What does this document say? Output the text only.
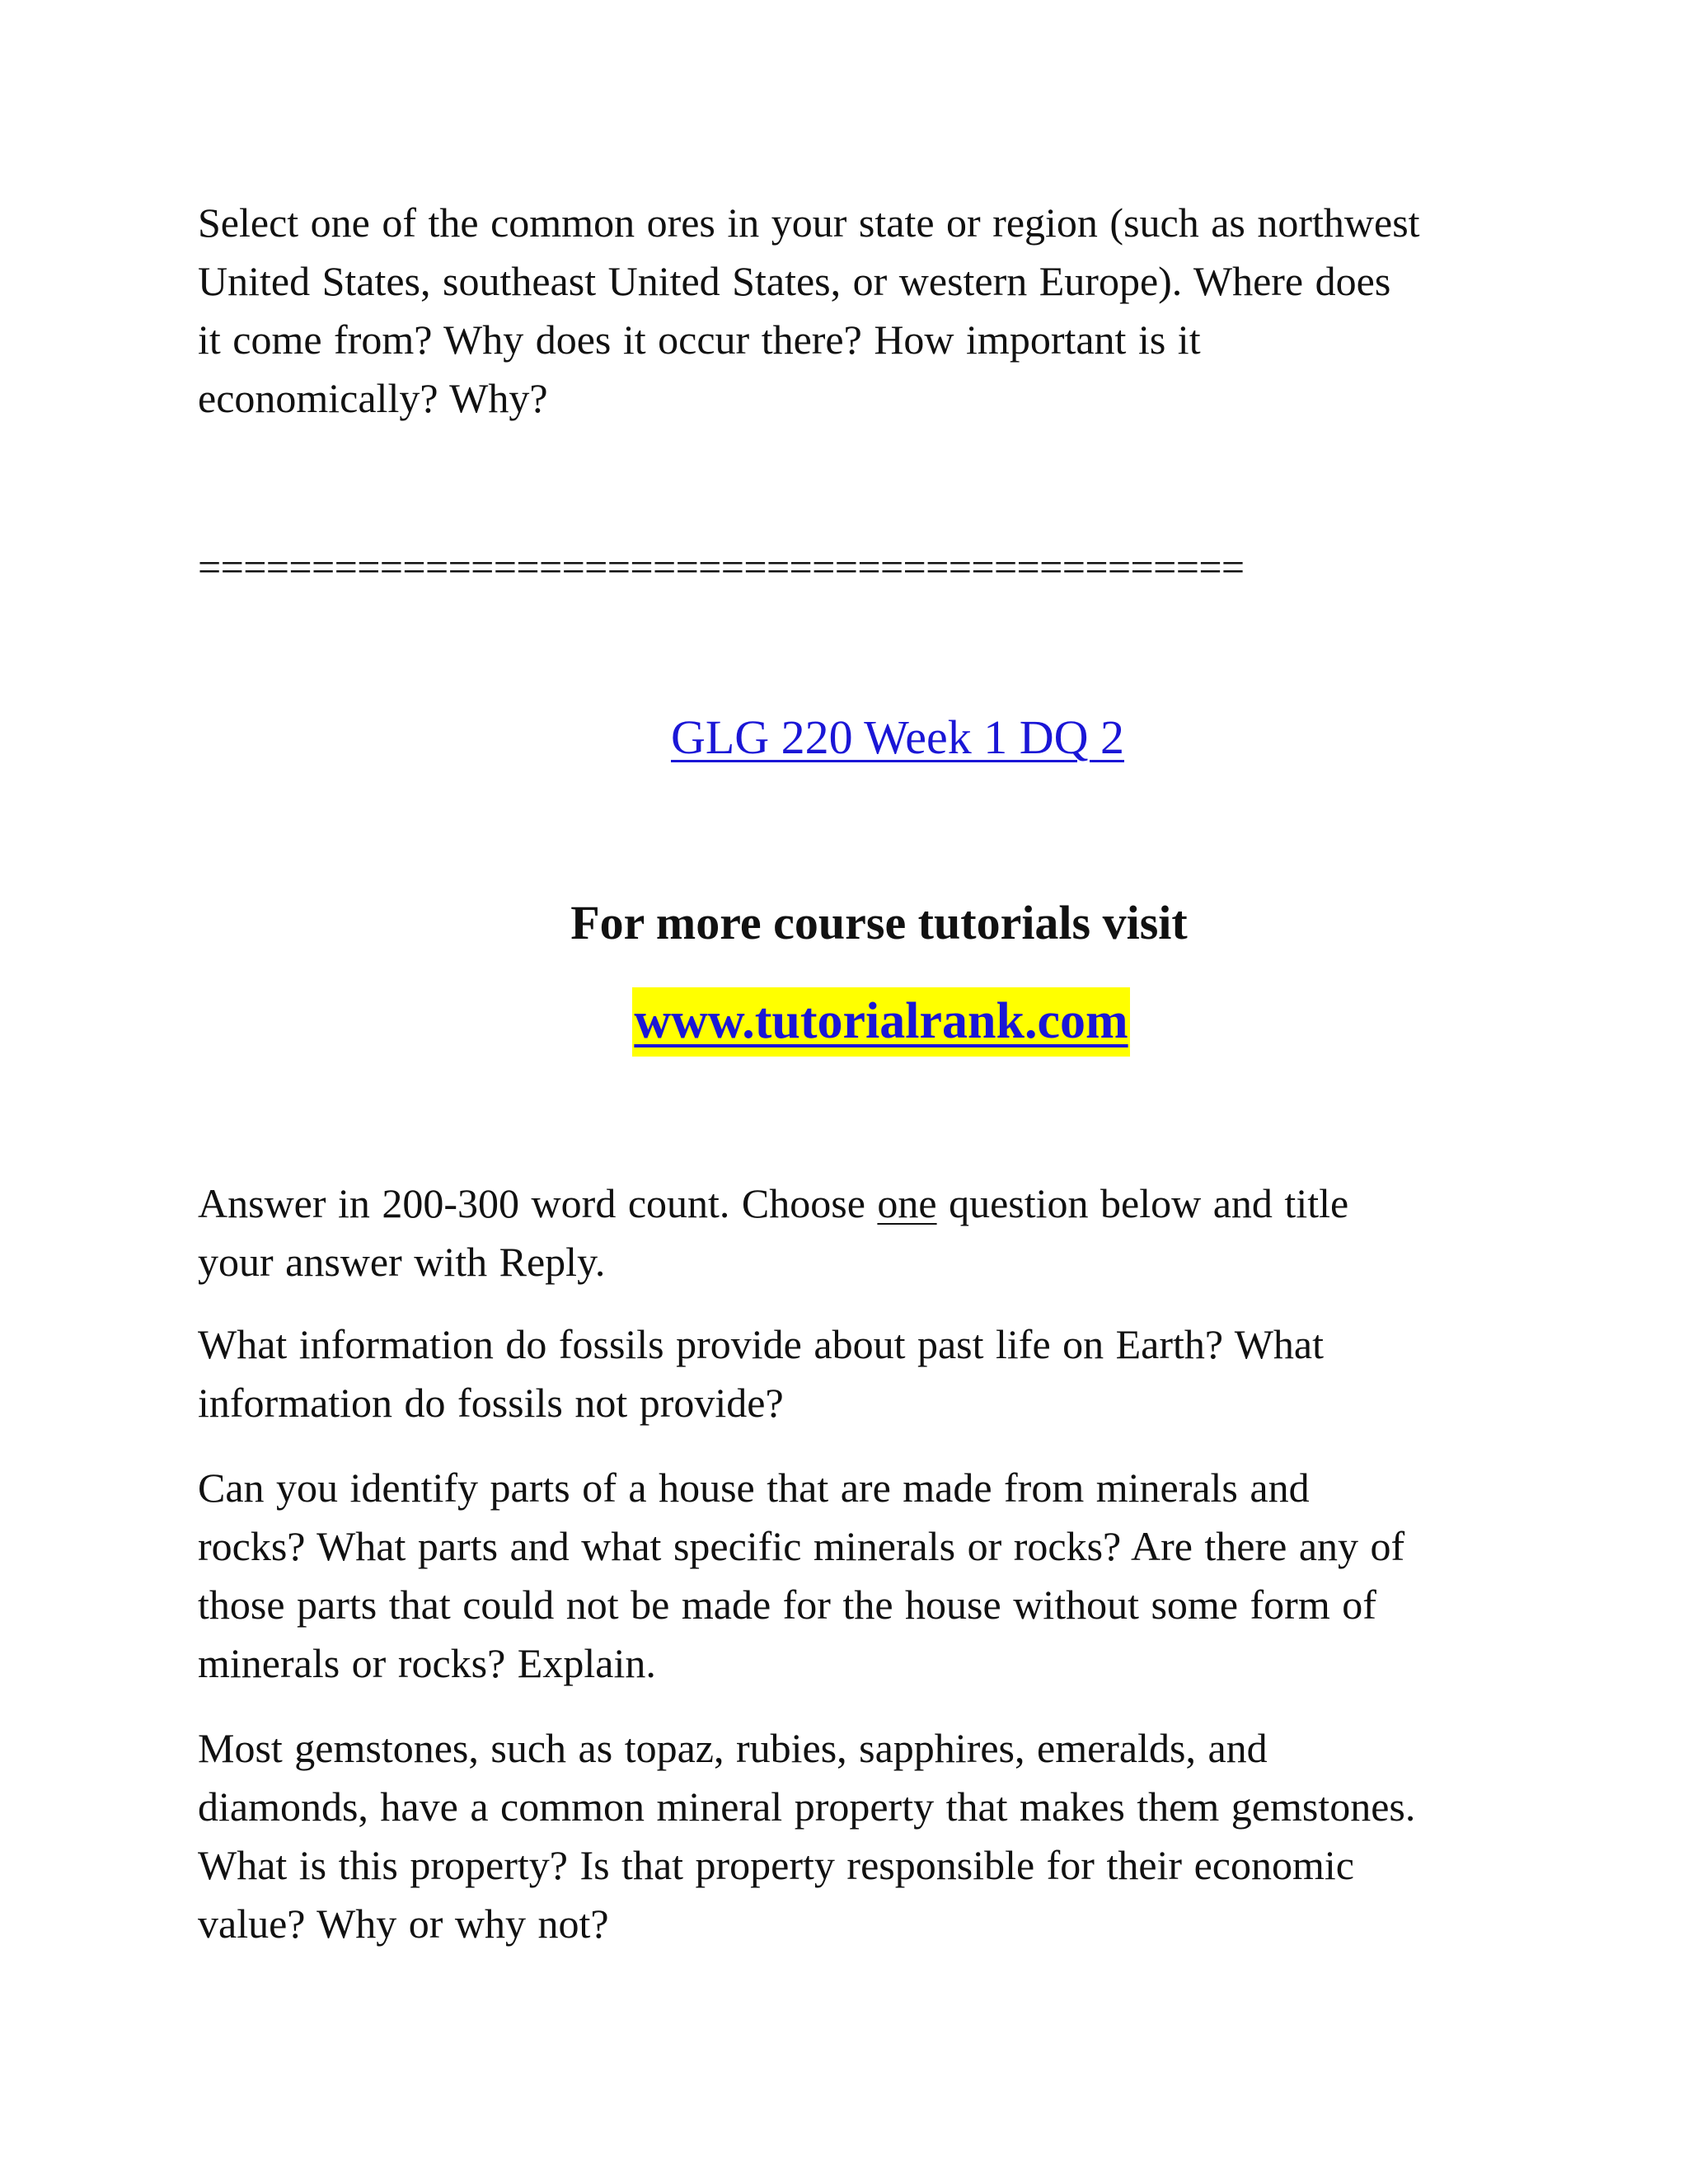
Select one of the common ores in your state or region (such as northwest
United States, southeast United States, or western Europe). Where does
it come from? Why does it occur there? How important is it
economically? Why?
==============================================
GLG 220 Week 1 DQ 2
For more course tutorials visit
www.tutorialrank.com
Answer in 200-300 word count. Choose one question below and title
your answer with Reply.
What information do fossils provide about past life on Earth? What
information do fossils not provide?
Can you identify parts of a house that are made from minerals and
rocks? What parts and what specific minerals or rocks? Are there any of
those parts that could not be made for the house without some form of
minerals or rocks? Explain.
Most gemstones, such as topaz, rubies, sapphires, emeralds, and
diamonds, have a common mineral property that makes them gemstones.
What is this property? Is that property responsible for their economic
value? Why or why not?
